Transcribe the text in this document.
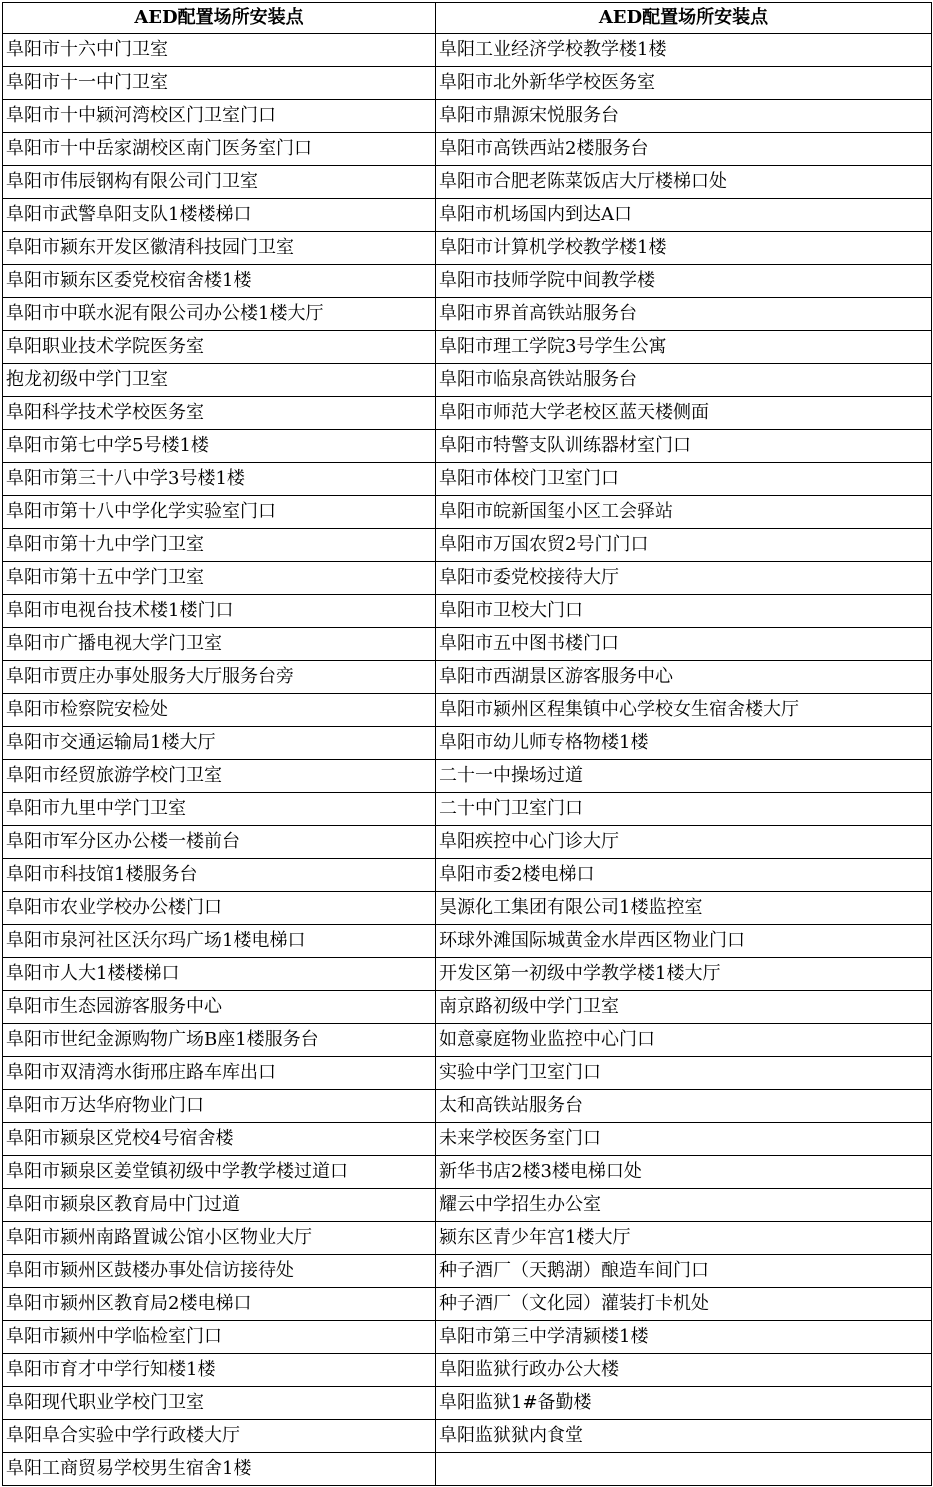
AED配置场所安装点	AED配置场所安装点
阜阳市十六中门卫室	阜阳工业经济学校教学楼1楼
阜阳市十一中门卫室	阜阳市北外新华学校医务室
阜阳市十中颍河湾校区门卫室门口	阜阳市鼎源宋悦服务台
阜阳市十中岳家湖校区南门医务室门口	阜阳市高铁西站2楼服务台
阜阳市伟辰钢构有限公司门卫室	阜阳市合肥老陈菜饭店大厅楼梯口处
阜阳市武警阜阳支队1楼楼梯口	阜阳市机场国内到达A口
阜阳市颍东开发区徽清科技园门卫室	阜阳市计算机学校教学楼1楼
阜阳市颍东区委党校宿舍楼1楼	阜阳市技师学院中间教学楼
阜阳市中联水泥有限公司办公楼1楼大厅	阜阳市界首高铁站服务台
阜阳职业技术学院医务室	阜阳市理工学院3号学生公寓
抱龙初级中学门卫室	阜阳市临泉高铁站服务台
阜阳科学技术学校医务室	阜阳市师范大学老校区蓝天楼侧面
阜阳市第七中学5号楼1楼	阜阳市特警支队训练器材室门口
阜阳市第三十八中学3号楼1楼	阜阳市体校门卫室门口
阜阳市第十八中学化学实验室门口	阜阳市皖新国玺小区工会驿站
阜阳市第十九中学门卫室	阜阳市万国农贸2号门门口
阜阳市第十五中学门卫室	阜阳市委党校接待大厅
阜阳市电视台技术楼1楼门口	阜阳市卫校大门口
阜阳市广播电视大学门卫室	阜阳市五中图书楼门口
阜阳市贾庄办事处服务大厅服务台旁	阜阳市西湖景区游客服务中心
阜阳市检察院安检处	阜阳市颍州区程集镇中心学校女生宿舍楼大厅
阜阳市交通运输局1楼大厅	阜阳市幼儿师专格物楼1楼
阜阳市经贸旅游学校门卫室	二十一中操场过道
阜阳市九里中学门卫室	二十中门卫室门口
阜阳市军分区办公楼一楼前台	阜阳疾控中心门诊大厅
阜阳市科技馆1楼服务台	阜阳市委2楼电梯口
阜阳市农业学校办公楼门口	昊源化工集团有限公司1楼监控室
阜阳市泉河社区沃尔玛广场1楼电梯口	环球外滩国际城黄金水岸西区物业门口
阜阳市人大1楼楼梯口	开发区第一初级中学教学楼1楼大厅
阜阳市生态园游客服务中心	南京路初级中学门卫室
阜阳市世纪金源购物广场B座1楼服务台	如意豪庭物业监控中心门口
阜阳市双清湾水街邢庄路车库出口	实验中学门卫室门口
阜阳市万达华府物业门口	太和高铁站服务台
阜阳市颍泉区党校4号宿舍楼	未来学校医务室门口
阜阳市颍泉区姜堂镇初级中学教学楼过道口	新华书店2楼3楼电梯口处
阜阳市颍泉区教育局中门过道	耀云中学招生办公室
阜阳市颍州南路置诚公馆小区物业大厅	颍东区青少年宫1楼大厅
阜阳市颍州区鼓楼办事处信访接待处	种子酒厂（天鹅湖）酿造车间门口
阜阳市颍州区教育局2楼电梯口	种子酒厂（文化园）灌装打卡机处
阜阳市颍州中学临检室门口	阜阳市第三中学清颍楼1楼
阜阳市育才中学行知楼1楼	阜阳监狱行政办公大楼
阜阳现代职业学校门卫室	阜阳监狱1#备勤楼
阜阳阜合实验中学行政楼大厅	阜阳监狱狱内食堂
阜阳工商贸易学校男生宿舍1楼	
